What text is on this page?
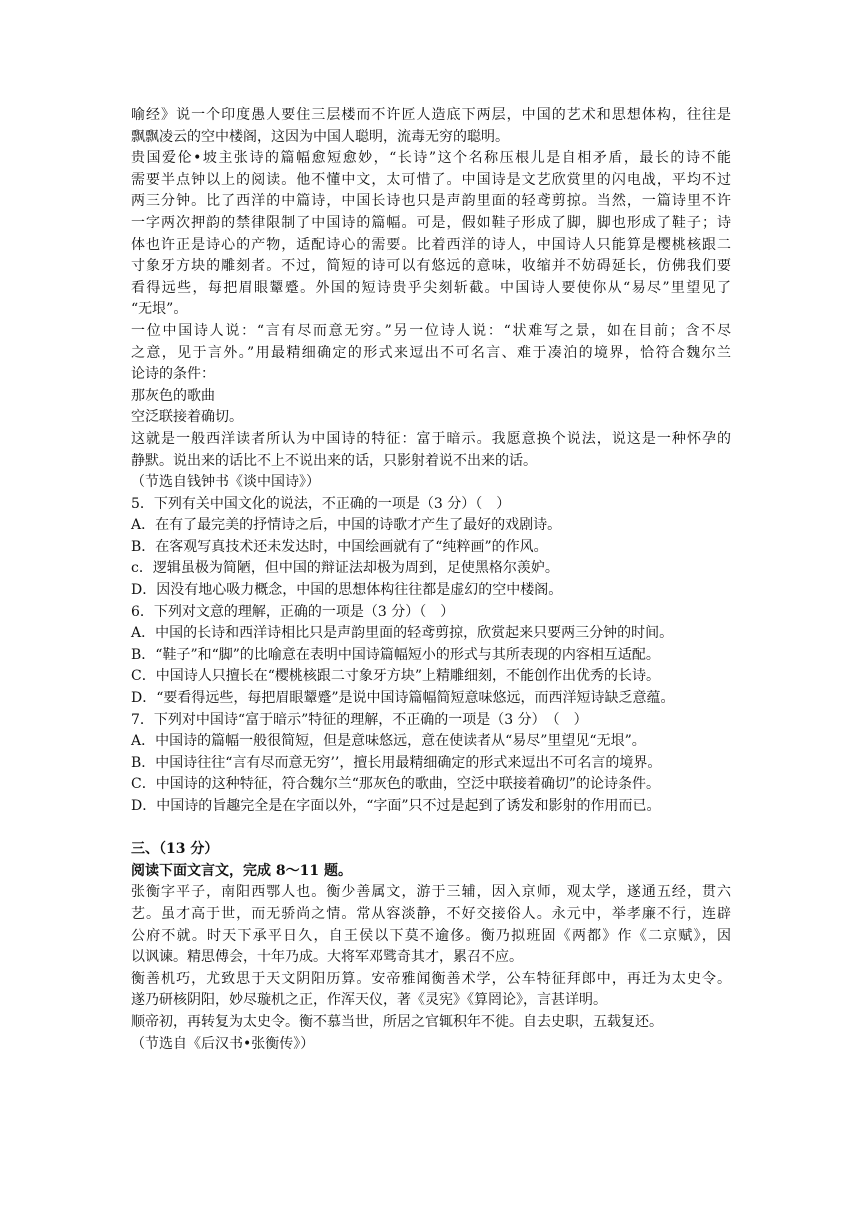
喻经》说一个印度愚人要住三层楼而不许匠人造底下两层，中国的艺术和思想体构，往往是
飘飘凌云的空中楼阁，这因为中国人聪明，流毒无穷的聪明。
贵国爱伦•坡主张诗的篇幅愈短愈妙，“长诗”这个名称压根儿是自相矛盾，最长的诗不能
需要半点钟以上的阅读。他不懂中文，太可惜了。中国诗是文艺欣赏里的闪电战，平均不过
两三分钟。比了西洋的中篇诗，中国长诗也只是声韵里面的轻鸢剪掠。当然，一篇诗里不许
一字两次押韵的禁律限制了中国诗的篇幅。可是，假如鞋子形成了脚，脚也形成了鞋子；诗
体也许正是诗心的产物，适配诗心的需要。比着西洋的诗人，中国诗人只能算是樱桃核跟二
寸象牙方块的雕刻者。不过，简短的诗可以有悠远的意味，收缩并不妨碍延长，仿佛我们要
看得远些，每把眉眼颦蹙。外国的短诗贵乎尖刻斩截。中国诗人要使你从“易尽”里望见了
“无垠”。
一位中国诗人说：“言有尽而意无穷。”另一位诗人说：“状难写之景，如在目前；含不尽
之意，见于言外。”用最精细确定的形式来逗出不可名言、难于凑泊的境界，恰符合魏尔兰
论诗的条件：
那灰色的歌曲
空泛联接着确切。
这就是一般西洋读者所认为中国诗的特征：富于暗示。我愿意换个说法，说这是一种怀孕的
静默。说出来的话比不上不说出来的话，只影射着说不出来的话。
（节选自钱钟书《谈中国诗》）
5．下列有关中国文化的说法，不正确的一项是（3 分）（　）
A．在有了最完美的抒情诗之后，中国的诗歌才产生了最好的戏剧诗。
B．在客观写真技术还未发达时，中国绘画就有了“纯粹画”的作风。
c．逻辑虽极为简陋，但中国的辩证法却极为周到，足使黑格尔羡妒。
D．因没有地心吸力概念，中国的思想体构往往都是虚幻的空中楼阁。
6．下列对文意的理解，正确的一项是（3 分）（　）
A．中国的长诗和西洋诗相比只是声韵里面的轻鸢剪掠，欣赏起来只要两三分钟的时间。
B．“鞋子”和“脚”的比喻意在表明中国诗篇幅短小的形式与其所表现的内容相互适配。
C．中国诗人只擅长在“樱桃核跟二寸象牙方块”上精雕细刻，不能创作出优秀的长诗。
D．“要看得远些，每把眉眼颦蹙”是说中国诗篇幅简短意味悠远，而西洋短诗缺乏意蕴。
7．下列对中国诗“富于暗示”特征的理解，不正确的一项是（3 分）　（　）
A．中国诗的篇幅一般很简短，但是意味悠远，意在使读者从“易尽”里望见“无垠”。
B．中国诗往往“言有尽而意无穷’’，擅长用最精细确定的形式来逗出不可名言的境界。
C．中国诗的这种特征，符合魏尔兰“那灰色的歌曲，空泛中联接着确切”的论诗条件。
D．中国诗的旨趣完全是在字面以外，“字面”只不过是起到了诱发和影射的作用而已。
三、（13 分）
阅读下面文言文，完成 8～11 题。
张衡字平子，南阳西鄂人也。衡少善属文，游于三辅，因入京师，观太学，遂通五经，贯六
艺。虽才高于世，而无骄尚之情。常从容淡静，不好交接俗人。永元中，举孝廉不行，连辟
公府不就。时天下承平日久，自王侯以下莫不逾侈。衡乃拟班固《两都》作《二京赋》，因
以讽谏。精思傅会，十年乃成。大将军邓骘奇其才，累召不应。
衡善机巧，尤致思于天文阴阳历算。安帝雅闻衡善术学，公车特征拜郎中，再迁为太史令。
遂乃研核阴阳，妙尽璇机之正，作浑天仪，著《灵宪》《算罔论》，言甚详明。
顺帝初，再转复为太史令。衡不慕当世，所居之官辄积年不徙。自去史职，五载复还。
（节选自《后汉书•张衡传》）
